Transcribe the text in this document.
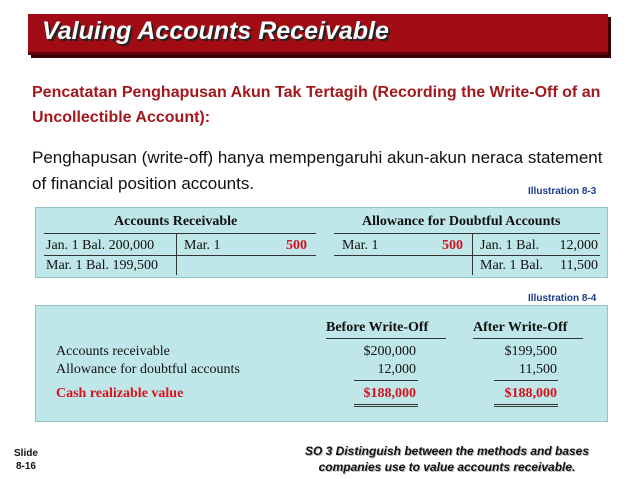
Valuing Accounts Receivable
Pencatatan Penghapusan Akun Tak Tertagih (Recording the Write-Off of an Uncollectible Account):
Penghapusan (write-off) hanya mempengaruhi akun-akun neraca statement of financial position accounts.	Illustration 8-3
Accounts Receivable
Jan. 1 Bal. 200,000 Mar. 1	500
Mar. 1 Bal. 199,500
Allowance for Doubtful Accounts
Mar. 1	500 Jan. 1 Bal.	12,000
Mar. 1 Bal.	11,500
Illustration 8-4
Before Write-Off	After Write-Off
Accounts receivable	$200,000	$199,500
Allowance for doubtful accounts	12,000	11,500
Cash realizable value	$188,000	$188,000
Slide
8-16
SO 3 Distinguish between the methods and bases companies use to value accounts receivable.
